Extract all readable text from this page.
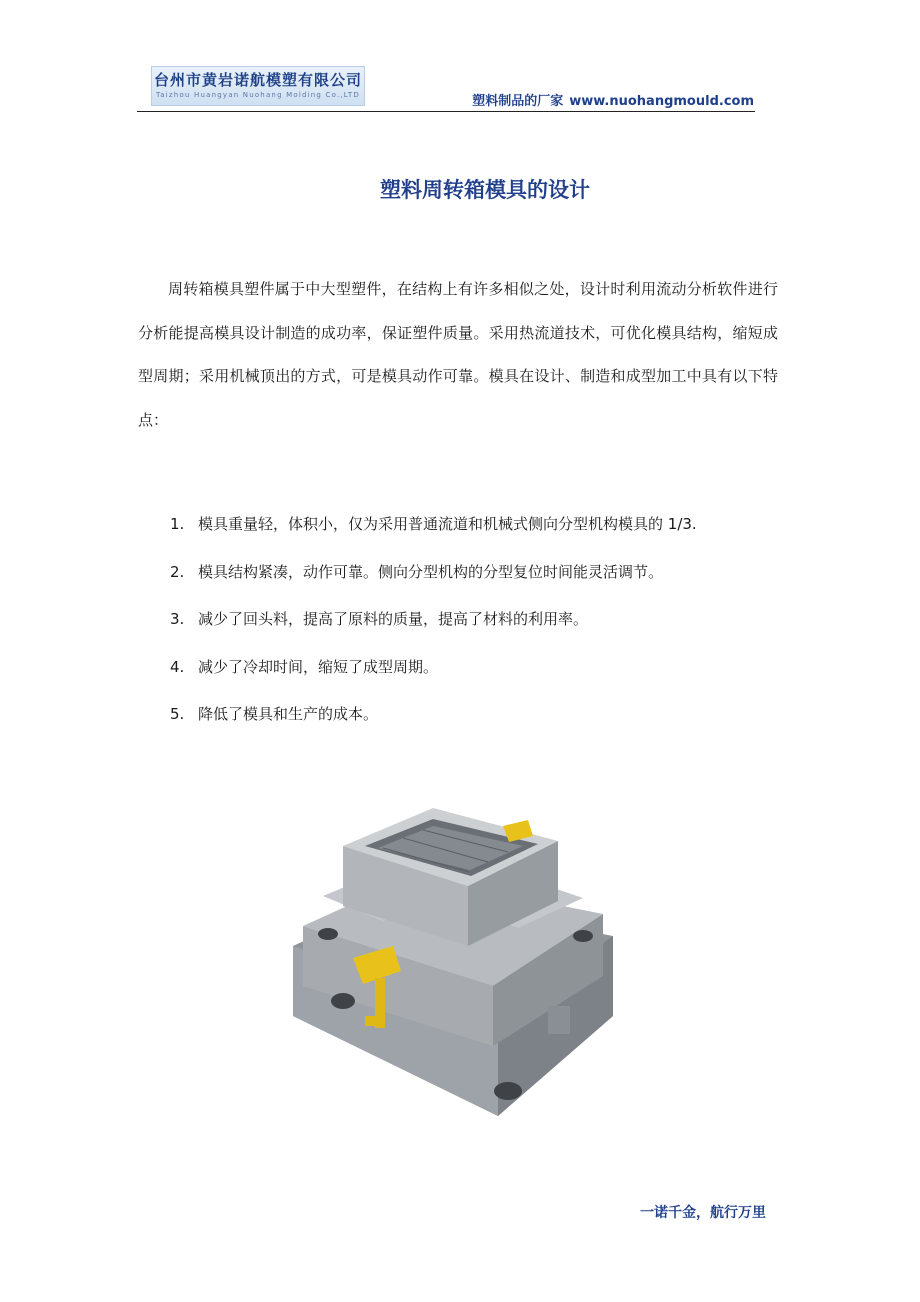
台州市黄岩诺航模塑有限公司
Taizhou Huangyan Nuohang Molding Co.,LTD	塑料制品的厂家 www.nuohangmould.com
塑料周转箱模具的设计

周转箱模具塑件属于中大型塑件，在结构上有许多相似之处，设计时利用流动分析软件进行分析能提高模具设计制造的成功率，保证塑件质量。采用热流道技术，可优化模具结构，缩短成型周期；采用机械顶出的方式，可是模具动作可靠。模具在设计、制造和成型加工中具有以下特点：

1. 模具重量轻，体积小，仅为采用普通流道和机械式侧向分型机构模具的 1/3.
2. 模具结构紧凑，动作可靠。侧向分型机构的分型复位时间能灵活调节。
3. 减少了回头料，提高了原料的质量，提高了材料的利用率。
4. 减少了冷却时间，缩短了成型周期。
5. 降低了模具和生产的成本。
一诺千金，航行万里
